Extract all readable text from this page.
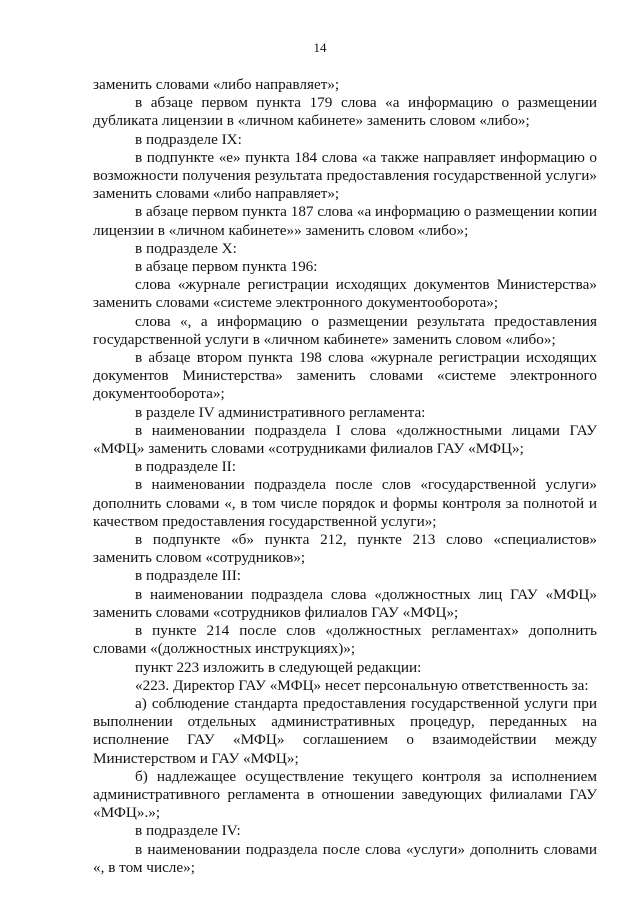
14

заменить словами «либо направляет»;

в абзаце первом пункта 179 слова «а информацию о размещении дубликата лицензии в «личном кабинете» заменить словом «либо»;

в подразделе IX:

в подпункте «е» пункта 184 слова «а также направляет информацию о возможности получения результата предоставления государственной услуги» заменить словами «либо направляет»;

в абзаце первом пункта 187 слова «а информацию о размещении копии лицензии в «личном кабинете»» заменить словом «либо»;

в подразделе X:

в абзаце первом пункта 196:

слова «журнале регистрации исходящих документов Министерства» заменить словами «системе электронного документооборота»;

слова «, а информацию о размещении результата предоставления государственной услуги в «личном кабинете» заменить словом «либо»;

в абзаце втором пункта 198 слова «журнале регистрации исходящих документов Министерства» заменить словами «системе электронного документооборота»;

в разделе IV административного регламента:

в наименовании подраздела I слова «должностными лицами ГАУ «МФЦ» заменить словами «сотрудниками филиалов ГАУ «МФЦ»;

в подразделе II:

в наименовании подраздела после слов «государственной услуги» дополнить словами «, в том числе порядок и формы контроля за полнотой и качеством предоставления государственной услуги»;

в подпункте «б» пункта 212, пункте 213 слово «специалистов» заменить словом «сотрудников»;

в подразделе III:

в наименовании подраздела слова «должностных лиц ГАУ «МФЦ» заменить словами «сотрудников филиалов ГАУ «МФЦ»;

в пункте 214 после слов «должностных регламентах» дополнить словами «(должностных инструкциях)»;

пункт 223 изложить в следующей редакции:

«223. Директор ГАУ «МФЦ» несет персональную ответственность за:

а) соблюдение стандарта предоставления государственной услуги при выполнении отдельных административных процедур, переданных на исполнение ГАУ «МФЦ» соглашением о взаимодействии между Министерством и ГАУ «МФЦ»;

б) надлежащее осуществление текущего контроля за исполнением административного регламента в отношении заведующих филиалами ГАУ «МФЦ».»;

в подразделе IV:

в наименовании подраздела после слова «услуги» дополнить словами «, в том числе»;
